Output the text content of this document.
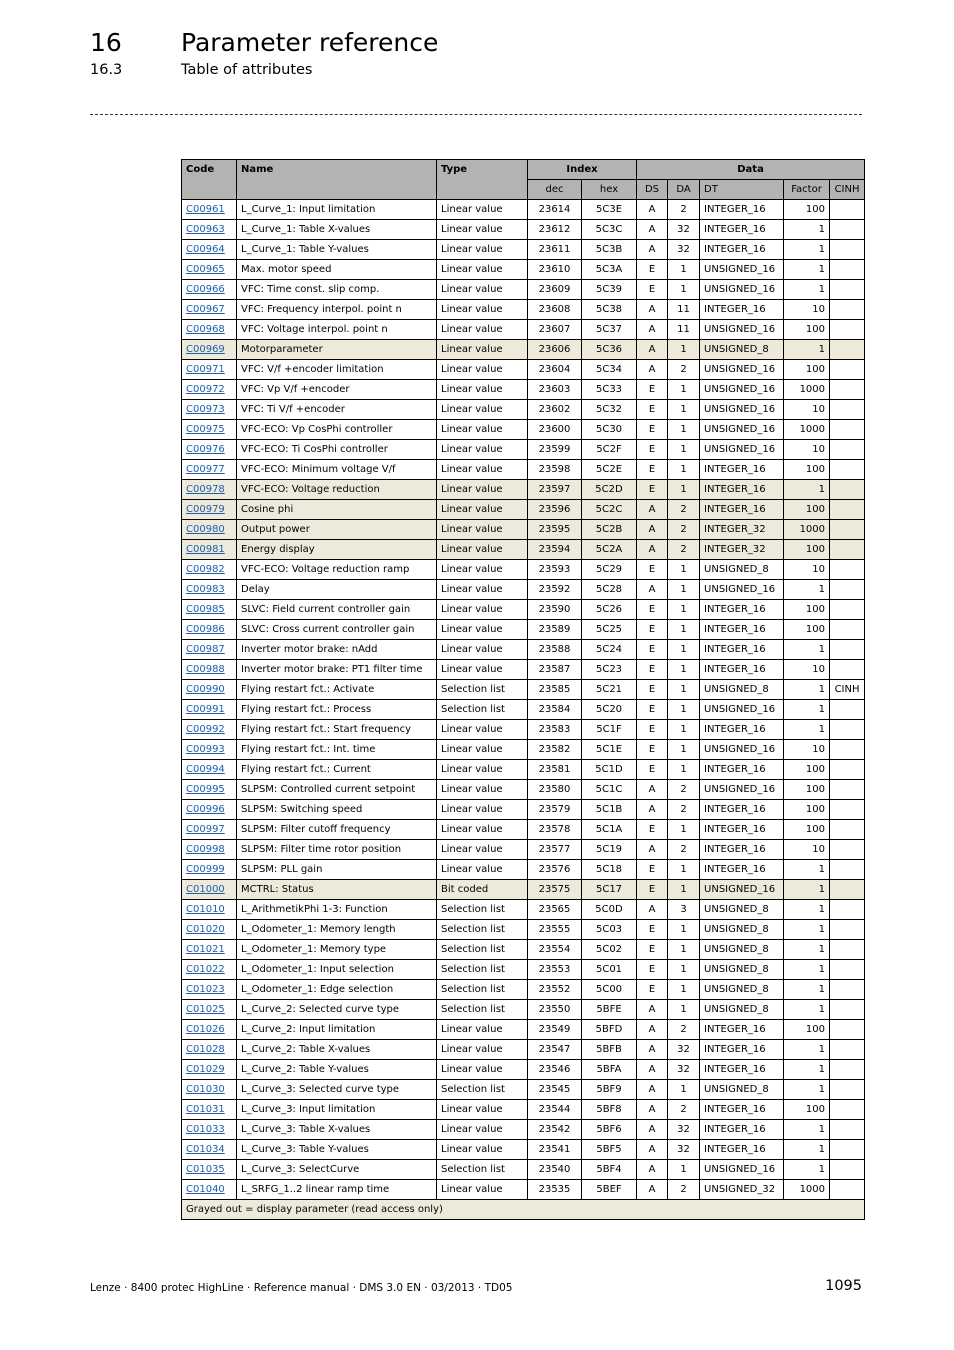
16 Parameter reference
16.3	Table of attributes
Code	Name	Type	Index		Data				
			dec	hex	DS	DA	DT	Factor	CINH
C00961	L_Curve_1: Input limitation	Linear value	23614	5C3E	A	2	INTEGER_16	100	
C00963	L_Curve_1: Table X-values	Linear value	23612	5C3C	A	32	INTEGER_16	1	
C00964	L_Curve_1: Table Y-values	Linear value	23611	5C3B	A	32	INTEGER_16	1	
C00965	Max. motor speed	Linear value	23610	5C3A	E	1	UNSIGNED_16	1	
C00966	VFC: Time const. slip comp.	Linear value	23609	5C39	E	1	UNSIGNED_16	1	
C00967	VFC: Frequency interpol. point n	Linear value	23608	5C38	A	11	INTEGER_16	10	
C00968	VFC: Voltage interpol. point n	Linear value	23607	5C37	A	11	UNSIGNED_16	100	
C00969	Motorparameter	Linear value	23606	5C36	A	1	UNSIGNED_8	1	
C00971	VFC: V/f +encoder limitation	Linear value	23604	5C34	A	2	UNSIGNED_16	100	
C00972	VFC: Vp V/f +encoder	Linear value	23603	5C33	E	1	UNSIGNED_16	1000	
C00973	VFC: Ti V/f +encoder	Linear value	23602	5C32	E	1	UNSIGNED_16	10	
C00975	VFC-ECO: Vp CosPhi controller	Linear value	23600	5C30	E	1	UNSIGNED_16	1000	
C00976	VFC-ECO: Ti CosPhi controller	Linear value	23599	5C2F	E	1	UNSIGNED_16	10	
C00977	VFC-ECO: Minimum voltage V/f	Linear value	23598	5C2E	E	1	INTEGER_16	100	
C00978	VFC-ECO: Voltage reduction	Linear value	23597	5C2D	E	1	INTEGER_16	1	
C00979	Cosine phi	Linear value	23596	5C2C	A	2	INTEGER_16	100	
C00980	Output power	Linear value	23595	5C2B	A	2	INTEGER_32	1000	
C00981	Energy display	Linear value	23594	5C2A	A	2	INTEGER_32	100	
C00982	VFC-ECO: Voltage reduction ramp	Linear value	23593	5C29	E	1	UNSIGNED_8	10	
C00983	Delay	Linear value	23592	5C28	A	1	UNSIGNED_16	1	
C00985	SLVC: Field current controller gain	Linear value	23590	5C26	E	1	INTEGER_16	100	
C00986	SLVC: Cross current controller gain	Linear value	23589	5C25	E	1	INTEGER_16	100	
C00987	Inverter motor brake: nAdd	Linear value	23588	5C24	E	1	INTEGER_16	1	
C00988	Inverter motor brake: PT1 filter time	Linear value	23587	5C23	E	1	INTEGER_16	10	
C00990	Flying restart fct.: Activate	Selection list	23585	5C21	E	1	UNSIGNED_8	1	CINH
C00991	Flying restart fct.: Process	Selection list	23584	5C20	E	1	UNSIGNED_16	1	
C00992	Flying restart fct.: Start frequency	Linear value	23583	5C1F	E	1	INTEGER_16	1	
C00993	Flying restart fct.: Int. time	Linear value	23582	5C1E	E	1	UNSIGNED_16	10	
C00994	Flying restart fct.: Current	Linear value	23581	5C1D	E	1	INTEGER_16	100	
C00995	SLPSM: Controlled current setpoint	Linear value	23580	5C1C	A	2	UNSIGNED_16	100	
C00996	SLPSM: Switching speed	Linear value	23579	5C1B	A	2	INTEGER_16	100	
C00997	SLPSM: Filter cutoff frequency	Linear value	23578	5C1A	E	1	INTEGER_16	100	
C00998	SLPSM: Filter time rotor position	Linear value	23577	5C19	A	2	INTEGER_16	10	
C00999	SLPSM: PLL gain	Linear value	23576	5C18	E	1	INTEGER_16	1	
C01000	MCTRL: Status	Bit coded	23575	5C17	E	1	UNSIGNED_16	1	
C01010	L_ArithmetikPhi 1-3: Function	Selection list	23565	5C0D	A	3	UNSIGNED_8	1	
C01020	L_Odometer_1: Memory length	Selection list	23555	5C03	E	1	UNSIGNED_8	1	
C01021	L_Odometer_1: Memory type	Selection list	23554	5C02	E	1	UNSIGNED_8	1	
C01022	L_Odometer_1: Input selection	Selection list	23553	5C01	E	1	UNSIGNED_8	1	
C01023	L_Odometer_1: Edge selection	Selection list	23552	5C00	E	1	UNSIGNED_8	1	
C01025	L_Curve_2: Selected curve type	Selection list	23550	5BFE	A	1	UNSIGNED_8	1	
C01026	L_Curve_2: Input limitation	Linear value	23549	5BFD	A	2	INTEGER_16	100	
C01028	L_Curve_2: Table X-values	Linear value	23547	5BFB	A	32	INTEGER_16	1	
C01029	L_Curve_2: Table Y-values	Linear value	23546	5BFA	A	32	INTEGER_16	1	
C01030	L_Curve_3: Selected curve type	Selection list	23545	5BF9	A	1	UNSIGNED_8	1	
C01031	L_Curve_3: Input limitation	Linear value	23544	5BF8	A	2	INTEGER_16	100	
C01033	L_Curve_3: Table X-values	Linear value	23542	5BF6	A	32	INTEGER_16	1	
C01034	L_Curve_3: Table Y-values	Linear value	23541	5BF5	A	32	INTEGER_16	1	
C01035	L_Curve_3: SelectCurve	Selection list	23540	5BF4	A	1	UNSIGNED_16	1	
C01040	L_SRFG_1..2 linear ramp time	Linear value	23535	5BEF	A	2	UNSIGNED_32	1000	
Grayed out = display parameter (read access only)									
Lenze · 8400 protec HighLine · Reference manual · DMS 3.0 EN · 03/2013 · TD05	1095
